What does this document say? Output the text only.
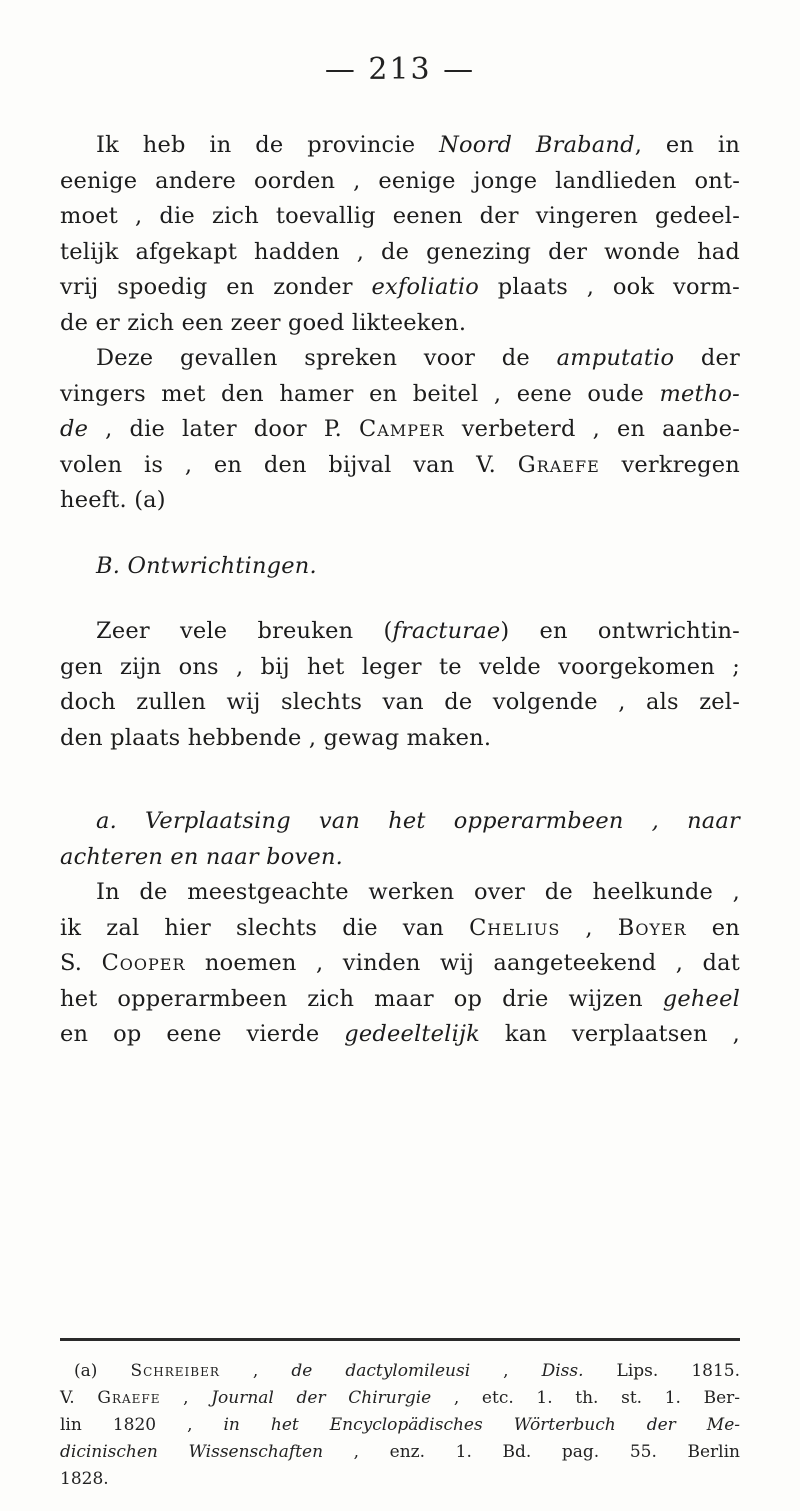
— 213 —
Ik heb in de provincie Noord Braband, en in
eenige andere oorden , eenige jonge landlieden ont-
moet , die zich toevallig eenen der vingeren gedeel-
telijk afgekapt hadden , de genezing der wonde had
vrij spoedig en zonder exfoliatio plaats , ook vorm-
de er zich een zeer goed likteeken.
Deze gevallen spreken voor de amputatio der
vingers met den hamer en beitel , eene oude metho-
de , die later door P. Camper verbeterd , en aanbe-
volen is , en den bijval van V. Graefe verkregen
heeft. (a)
B. Ontwrichtingen.
Zeer vele breuken (fracturae) en ontwrichtin-
gen zijn ons , bij het leger te velde voorgekomen ;
doch zullen wij slechts van de volgende , als zel-
den plaats hebbende , gewag maken.
a. Verplaatsing van het opperarmbeen , naar
achteren en naar boven.
In de meestgeachte werken over de heelkunde ,
ik zal hier slechts die van Chelius , Boyer en
S. Cooper noemen , vinden wij aangeteekend , dat
het opperarmbeen zich maar op drie wijzen geheel
en op eene vierde gedeeltelijk kan verplaatsen ,
(a) Schreiber , de dactylomileusi , Diss. Lips. 1815.
V. Graefe , Journal der Chirurgie , etc. 1. th. st. 1. Ber-
lin 1820 , in het Encyclopädisches Wörterbuch der Me-
dicinischen Wissenschaften , enz. 1. Bd. pag. 55. Berlin
1828.
